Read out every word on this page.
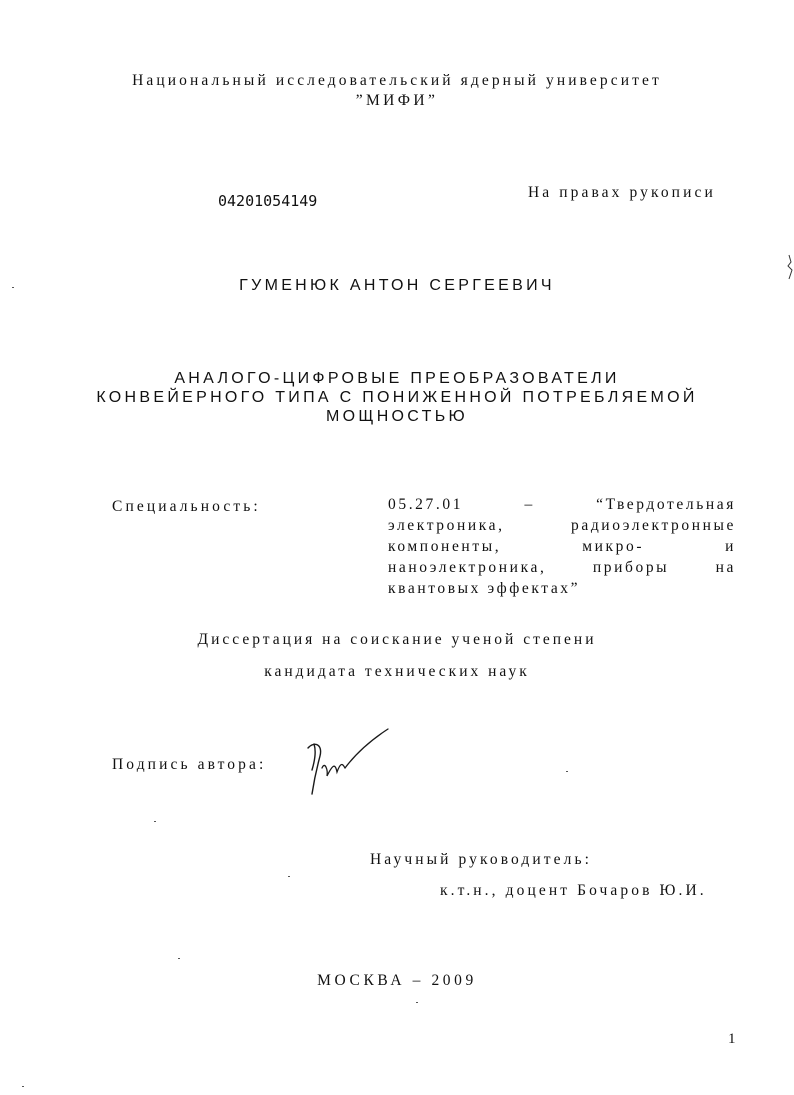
Национальный исследовательский ядерный университет
”МИФИ”
04201054149	На правах рукописи
ГУМЕНЮК АНТОН СЕРГЕЕВИЧ
АНАЛОГО-ЦИФРОВЫЕ ПРЕОБРАЗОВАТЕЛИ
КОНВЕЙЕРНОГО ТИПА С ПОНИЖЕННОЙ ПОТРЕБЛЯЕМОЙ
МОЩНОСТЬЮ
Специальность:	05.27.01	–	“Твердотельная
электроника,	радиоэлектронные
компоненты,	микро-	и
наноэлектроника,	приборы	на
квантовых эффектах”
Диссертация на соискание ученой степени
кандидата технических наук
Подпись автора:
Научный руководитель:
к.т.н., доцент Бочаров Ю.И.
МОСКВА – 2009
1
